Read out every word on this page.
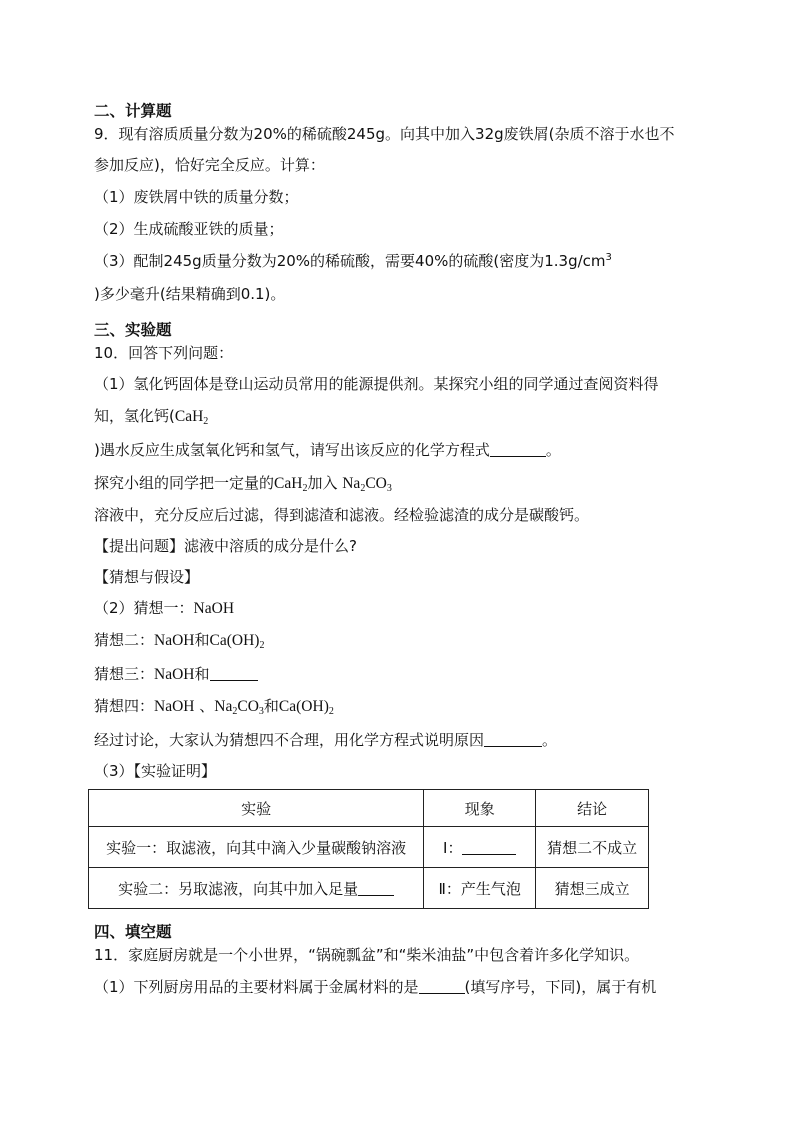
二、计算题
9．现有溶质质量分数为20%的稀硫酸245g。向其中加入32g废铁屑(杂质不溶于水也不
参加反应)，恰好完全反应。计算：
（1）废铁屑中铁的质量分数；
（2）生成硫酸亚铁的质量；
（3）配制245g质量分数为20%的稀硫酸，需要40%的硫酸(密度为$1.3g/cm^3$
)多少毫升(结果精确到0.1)。
三、实验题
10．回答下列问题：
（1）氢化钙固体是登山运动员常用的能源提供剂。某探究小组的同学通过查阅资料得
知，氢化钙(CaH$_2$
)遇水反应生成氢氧化钙和氢气，请写出该反应的化学方程式	。
探究小组的同学把一定量的CaH$_2$加入 $Na_2CO_3$
溶液中，充分反应后过滤，得到滤渣和滤液。经检验滤渣的成分是碳酸钙。
【提出问题】滤液中溶质的成分是什么?
【猜想与假设】
（2）猜想一：NaOH
猜想二：NaOH和$Ca(OH)_2$
猜想三：NaOH和
猜想四：NaOH 、$Na_2CO_3$和$Ca(OH)_2$
经过讨论，大家认为猜想四不合理，用化学方程式说明原因	。
（3）【实验证明】
实验	现象	结论
实验一：取滤液，向其中滴入少量碳酸钠溶液	Ⅰ：	猜想二不成立
实验二：另取滤液，向其中加入足量	Ⅱ：产生气泡	猜想三成立
四、填空题
11．家庭厨房就是一个小世界，“锅碗瓢盆”和“柴米油盐”中包含着许多化学知识。
（1）下列厨房用品的主要材料属于金属材料的是	(填写序号，下同)，属于有机
